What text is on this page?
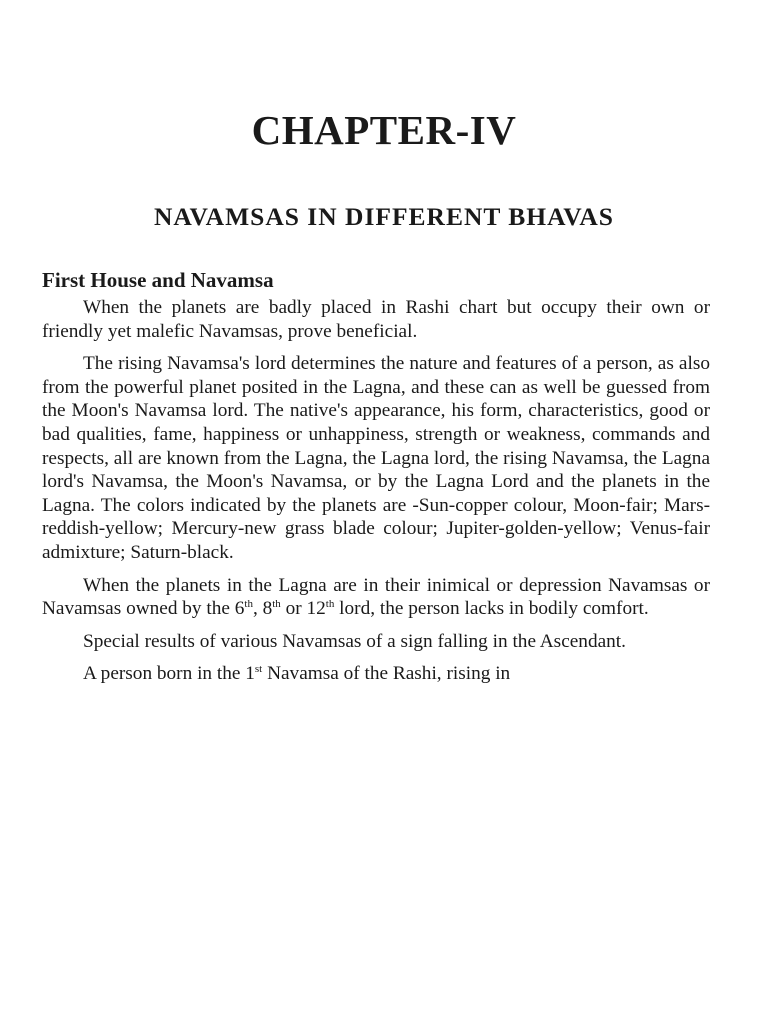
CHAPTER-IV
NAVAMSAS IN DIFFERENT BHAVAS
First House and Navamsa

When the planets are badly placed in Rashi chart but occupy their own or friendly yet malefic Navamsas, prove beneficial.

The rising Navamsa's lord determines the nature and features of a person, as also from the powerful planet posited in the Lagna, and these can as well be guessed from the Moon's Navamsa lord. The native's appearance, his form, characteristics, good or bad qualities, fame, happiness or unhappiness, strength or weakness, commands and respects, all are known from the Lagna, the Lagna lord, the rising Navamsa, the Lagna lord's Navamsa, the Moon's Navamsa, or by the Lagna Lord and the planets in the Lagna. The colors indicated by the planets are -Sun-copper colour, Moon-fair; Mars-reddish-yellow; Mercury-new grass blade colour; Jupiter-golden-yellow; Venus-fair admixture; Saturn-black.

When the planets in the Lagna are in their inimical or depression Navamsas or Navamsas owned by the 6th, 8th or 12th lord, the person lacks in bodily comfort.

Special results of various Navamsas of a sign falling in the Ascendant.

A person born in the 1st Navamsa of the Rashi, rising in
